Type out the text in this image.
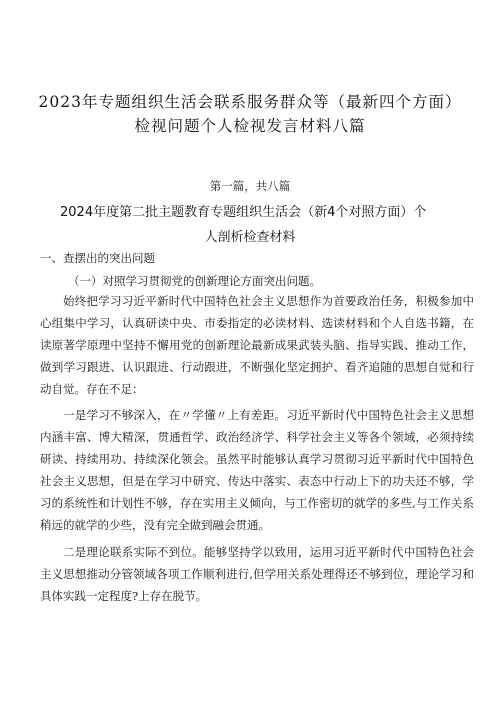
2023年专题组织生活会联系服务群众等（最新四个方面）
检视问题个人检视发言材料八篇
第一篇，共八篇
2024年度第二批主题教育专题组织生活会（新4个对照方面）个
人剖析检查材料
一、查摆出的突出问题
（一）对照学习贯彻党的创新理论方面突出问题。
始终把学习习近平新时代中国特色社会主义思想作为首要政治任务，积极参加中心组集中学习，认真研读中央、市委指定的必读材料、选读材料和个人自选书籍，在读原著学原理中坚持不懈用党的创新理论最新成果武装头脑、指导实践、推动工作，做到学习跟进、认识跟进、行动跟进，不断强化坚定拥护、看齐追随的思想自觉和行动自觉。存在不足：
一是学习不够深入，在〃学懂〃上有差距。习近平新时代中国特色社会主义思想内涵丰富、博大精深，贯通哲学、政治经济学、科学社会主义等各个领域，必须持续研读、持续用功、持续深化领会。虽然平时能够认真学习贯彻习近平新时代中国特色社会主义思想，但是在学习中研究、传达中落实、表态中行动上下的功夫还不够，学习的系统性和计划性不够，存在实用主义倾向，与工作密切的就学的多些,与工作关系稍远的就学的少些，没有完全做到融会贯通。
二是理论联系实际不到位。能够坚持学以致用，运用习近平新时代中国特色社会主义思想推动分管领域各项工作顺利进行,但学用关系处理得还不够到位，理论学习和具体实践一定程度?上存在脱节。
